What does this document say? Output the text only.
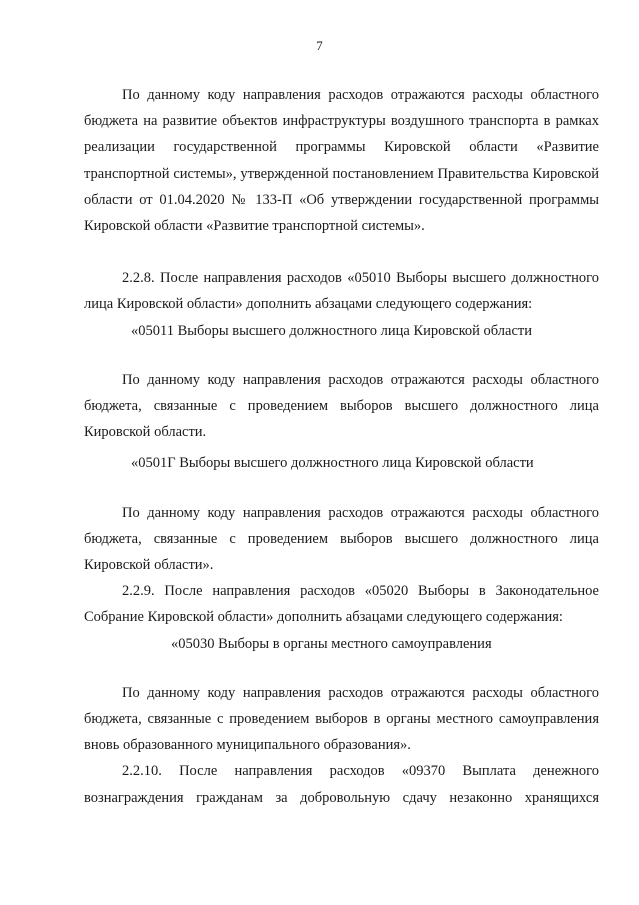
7

По данному коду направления расходов отражаются расходы областного бюджета на развитие объектов инфраструктуры воздушного транспорта в рамках реализации государственной программы Кировской области «Развитие транспортной системы», утвержденной постановлением Правительства Кировской области от 01.04.2020 № 133-П «Об утверждении государственной программы Кировской области «Развитие транспортной системы».

2.2.8. После направления расходов «05010 Выборы высшего должностного лица Кировской области» дополнить абзацами следующего содержания:

«05011 Выборы высшего должностного лица Кировской области

По данному коду направления расходов отражаются расходы областного бюджета, связанные с проведением выборов высшего должностного лица Кировской области.

«0501Г Выборы высшего должностного лица Кировской области

По данному коду направления расходов отражаются расходы областного бюджета, связанные с проведением выборов высшего должностного лица Кировской области».

2.2.9. После направления расходов «05020 Выборы в Законодательное Собрание Кировской области» дополнить абзацами следующего содержания:

«05030 Выборы в органы местного самоуправления

По данному коду направления расходов отражаются расходы областного бюджета, связанные с проведением выборов в органы местного самоуправления вновь образованного муниципального образования».

2.2.10. После направления расходов «09370 Выплата денежного вознаграждения гражданам за добровольную сдачу незаконно хранящихся
